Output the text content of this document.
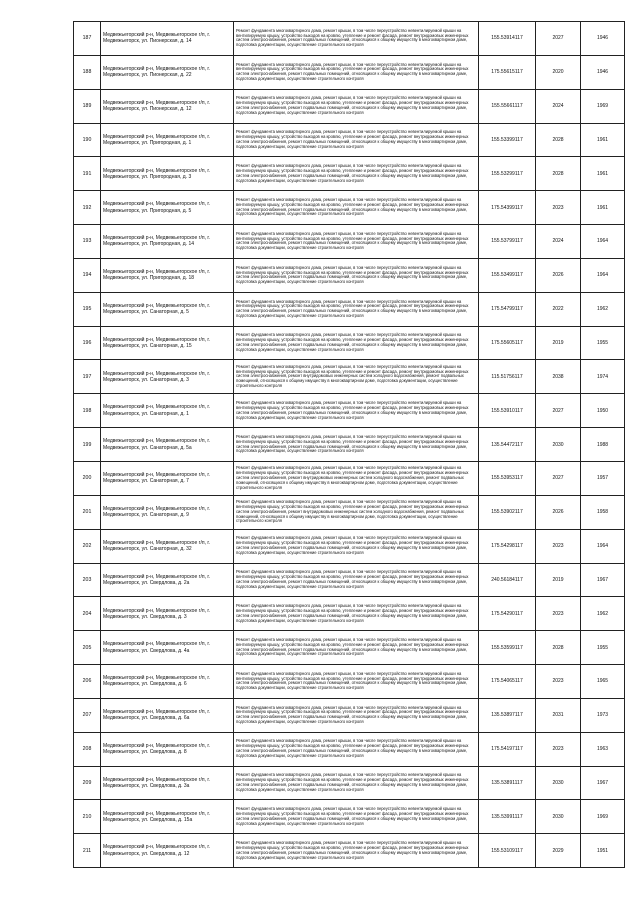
187	Медвежьегорский р-н, Медвежьегорское г/п, г. Медвежьегорск, ул. Пионерская, д. 14	Ремонт фундамента многоквартирного дома, ремонт крыши, в том числе переустройство невентилируемой крыши на вентилируемую крышу, устройство выходов на кровлю, утепление и ремонт фасада, ремонт внутридомовых инженерных систем электроснабжения, ремонт подвальных помещений, относящихся к общему имуществу в многоквартирном доме, подготовка документации, осуществление строительного контроля	155.53914117	2027	1946
188	Медвежьегорский р-н, Медвежьегорское г/п, г. Медвежьегорск, ул. Пионерская, д. 22	Ремонт фундамента многоквартирного дома, ремонт крыши, в том числе переустройство невентилируемой крыши на вентилируемую крышу, устройство выходов на кровлю, утепление и ремонт фасада, ремонт внутридомовых инженерных систем электроснабжения, ремонт подвальных помещений, относящихся к общему имуществу в многоквартирном доме, подготовка документации, осуществление строительного контроля	175.55615117	2020	1946
189	Медвежьегорский р-н, Медвежьегорское г/п, г. Медвежьегорск, ул. Пионерская, д. 12	Ремонт фундамента многоквартирного дома, ремонт крыши, в том числе переустройство невентилируемой крыши на вентилируемую крышу, устройство выходов на кровлю, утепление и ремонт фасада, ремонт внутридомовых инженерных систем электроснабжения, ремонт подвальных помещений, относящихся к общему имуществу в многоквартирном доме, подготовка документации, осуществление строительного контроля	155.55661117	2024	1969
190	Медвежьегорский р-н, Медвежьегорское г/п, г. Медвежьегорск, ул. Пригородная, д. 1	Ремонт фундамента многоквартирного дома, ремонт крыши, в том числе переустройство невентилируемой крыши на вентилируемую крышу, устройство выходов на кровлю, утепление и ремонт фасада, ремонт внутридомовых инженерных систем электроснабжения, ремонт подвальных помещений, относящихся к общему имуществу в многоквартирном доме, подготовка документации, осуществление строительного контроля	155.53399117	2028	1961
191	Медвежьегорский р-н, Медвежьегорское г/п, г. Медвежьегорск, ул. Пригородная, д. 3	Ремонт фундамента многоквартирного дома, ремонт крыши, в том числе переустройство невентилируемой крыши на вентилируемую крышу, устройство выходов на кровлю, утепление и ремонт фасада, ремонт внутридомовых инженерных систем электроснабжения, ремонт подвальных помещений, относящихся к общему имуществу в многоквартирном доме, подготовка документации, осуществление строительного контроля	155.53299117	2028	1961
192	Медвежьегорский р-н, Медвежьегорское г/п, г. Медвежьегорск, ул. Пригородная, д. 5	Ремонт фундамента многоквартирного дома, ремонт крыши, в том числе переустройство невентилируемой крыши на вентилируемую крышу, устройство выходов на кровлю, утепление и ремонт фасада, ремонт внутридомовых инженерных систем электроснабжения, ремонт подвальных помещений, относящихся к общему имуществу в многоквартирном доме, подготовка документации, осуществление строительного контроля	175.54399117	2023	1961
193	Медвежьегорский р-н, Медвежьегорское г/п, г. Медвежьегорск, ул. Пригородная, д. 14	Ремонт фундамента многоквартирного дома, ремонт крыши, в том числе переустройство невентилируемой крыши на вентилируемую крышу, устройство выходов на кровлю, утепление и ремонт фасада, ремонт внутридомовых инженерных систем электроснабжения, ремонт подвальных помещений, относящихся к общему имуществу в многоквартирном доме, подготовка документации, осуществление строительного контроля	155.53799117	2024	1964
194	Медвежьегорский р-н, Медвежьегорское г/п, г. Медвежьегорск, ул. Пригородная, д. 18	Ремонт фундамента многоквартирного дома, ремонт крыши, в том числе переустройство невентилируемой крыши на вентилируемую крышу, устройство выходов на кровлю, утепление и ремонт фасада, ремонт внутридомовых инженерных систем электроснабжения, ремонт подвальных помещений, относящихся к общему имуществу в многоквартирном доме, подготовка документации, осуществление строительного контроля	155.53499117	2026	1964
195	Медвежьегорский р-н, Медвежьегорское г/п, г. Медвежьегорск, ул. Санаторная, д. 5	Ремонт фундамента многоквартирного дома, ремонт крыши, в том числе переустройство невентилируемой крыши на вентилируемую крышу, устройство выходов на кровлю, утепление и ремонт фасада, ремонт внутридомовых инженерных систем электроснабжения, ремонт подвальных помещений, относящихся к общему имуществу в многоквартирном доме, подготовка документации, осуществление строительного контроля	175.54799117	2022	1962
196	Медвежьегорский р-н, Медвежьегорское г/п, г. Медвежьегорск, ул. Санаторная, д. 15	Ремонт фундамента многоквартирного дома, ремонт крыши, в том числе переустройство невентилируемой крыши на вентилируемую крышу, устройство выходов на кровлю, утепление и ремонт фасада, ремонт внутридомовых инженерных систем электроснабжения, ремонт подвальных помещений, относящихся к общему имуществу в многоквартирном доме, подготовка документации, осуществление строительного контроля	175.55605117	2019	1955
197	Медвежьегорский р-н, Медвежьегорское г/п, г. Медвежьегорск, ул. Санаторная, д. 3	Ремонт фундамента многоквартирного дома, ремонт крыши, в том числе переустройство невентилируемой крыши на вентилируемую крышу, устройство выходов на кровлю, утепление и ремонт фасада, ремонт внутридомовых инженерных систем электроснабжения, ремонт внутридомовых инженерных систем холодного водоснабжения, ремонт подвальных помещений, относящихся к общему имуществу в многоквартирном доме, подготовка документации, осуществление строительного контроля	115.51756117	2038	1974
198	Медвежьегорский р-н, Медвежьегорское г/п, г. Медвежьегорск, ул. Санаторная, д. 1	Ремонт фундамента многоквартирного дома, ремонт крыши, в том числе переустройство невентилируемой крыши на вентилируемую крышу, устройство выходов на кровлю, утепление и ремонт фасада, ремонт внутридомовых инженерных систем электроснабжения, ремонт подвальных помещений, относящихся к общему имуществу в многоквартирном доме, подготовка документации, осуществление строительного контроля	155.53910117	2027	1950
199	Медвежьегорский р-н, Медвежьегорское г/п, г. Медвежьегорск, ул. Санаторная, д. 5а	Ремонт фундамента многоквартирного дома, ремонт крыши, в том числе переустройство невентилируемой крыши на вентилируемую крышу, устройство выходов на кровлю, утепление и ремонт фасада, ремонт внутридомовых инженерных систем электроснабжения, ремонт подвальных помещений, относящихся к общему имуществу в многоквартирном доме, подготовка документации, осуществление строительного контроля	135.54472117	2030	1988
200	Медвежьегорский р-н, Медвежьегорское г/п, г. Медвежьегорск, ул. Санаторная, д. 7	Ремонт фундамента многоквартирного дома, ремонт крыши, в том числе переустройство невентилируемой крыши на вентилируемую крышу, устройство выходов на кровлю, утепление и ремонт фасада, ремонт внутридомовых инженерных систем электроснабжения, ремонт внутридомовых инженерных систем холодного водоснабжения, ремонт подвальных помещений, относящихся к общему имуществу в многоквартирном доме, подготовка документации, осуществление строительного контроля	155.53953117	2027	1957
201	Медвежьегорский р-н, Медвежьегорское г/п, г. Медвежьегорск, ул. Санаторная, д. 9	Ремонт фундамента многоквартирного дома, ремонт крыши, в том числе переустройство невентилируемой крыши на вентилируемую крышу, устройство выходов на кровлю, утепление и ремонт фасада, ремонт внутридомовых инженерных систем электроснабжения, ремонт внутридомовых инженерных систем холодного водоснабжения, ремонт подвальных помещений, относящихся к общему имуществу в многоквартирном доме, подготовка документации, осуществление строительного контроля	155.53902117	2026	1958
202	Медвежьегорский р-н, Медвежьегорское г/п, г. Медвежьегорск, ул. Санаторная, д. 32	Ремонт фундамента многоквартирного дома, ремонт крыши, в том числе переустройство невентилируемой крыши на вентилируемую крышу, устройство выходов на кровлю, утепление и ремонт фасада, ремонт внутридомовых инженерных систем электроснабжения, ремонт подвальных помещений, относящихся к общему имуществу в многоквартирном доме, подготовка документации, осуществление строительного контроля	175.54298117	2023	1964
203	Медвежьегорский р-н, Медвежьегорское г/п, г. Медвежьегорск, ул. Свердлова, д. 2а	Ремонт фундамента многоквартирного дома, ремонт крыши, в том числе переустройство невентилируемой крыши на вентилируемую крышу, устройство выходов на кровлю, утепление и ремонт фасада, ремонт внутридомовых инженерных систем электроснабжения, ремонт подвальных помещений, относящихся к общему имуществу в многоквартирном доме, подготовка документации, осуществление строительного контроля	240.56184117	2019	1967
204	Медвежьегорский р-н, Медвежьегорское г/п, г. Медвежьегорск, ул. Свердлова, д. 3	Ремонт фундамента многоквартирного дома, ремонт крыши, в том числе переустройство невентилируемой крыши на вентилируемую крышу, устройство выходов на кровлю, утепление и ремонт фасада, ремонт внутридомовых инженерных систем электроснабжения, ремонт подвальных помещений, относящихся к общему имуществу в многоквартирном доме, подготовка документации, осуществление строительного контроля	175.54290117	2023	1962
205	Медвежьегорский р-н, Медвежьегорское г/п, г. Медвежьегорск, ул. Свердлова, д. 4а	Ремонт фундамента многоквартирного дома, ремонт крыши, в том числе переустройство невентилируемой крыши на вентилируемую крышу, устройство выходов на кровлю, утепление и ремонт фасада, ремонт внутридомовых инженерных систем электроснабжения, ремонт подвальных помещений, относящихся к общему имуществу в многоквартирном доме, подготовка документации, осуществление строительного контроля	155.53599117	2028	1955
206	Медвежьегорский р-н, Медвежьегорское г/п, г. Медвежьегорск, ул. Свердлова, д. 6	Ремонт фундамента многоквартирного дома, ремонт крыши, в том числе переустройство невентилируемой крыши на вентилируемую крышу, устройство выходов на кровлю, утепление и ремонт фасада, ремонт внутридомовых инженерных систем электроснабжения, ремонт подвальных помещений, относящихся к общему имуществу в многоквартирном доме, подготовка документации, осуществление строительного контроля	175.54065117	2023	1965
207	Медвежьегорский р-н, Медвежьегорское г/п, г. Медвежьегорск, ул. Свердлова, д. 6а	Ремонт фундамента многоквартирного дома, ремонт крыши, в том числе переустройство невентилируемой крыши на вентилируемую крышу, устройство выходов на кровлю, утепление и ремонт фасада, ремонт внутридомовых инженерных систем электроснабжения, ремонт подвальных помещений, относящихся к общему имуществу в многоквартирном доме, подготовка документации, осуществление строительного контроля	135.53897117	2031	1973
208	Медвежьегорский р-н, Медвежьегорское г/п, г. Медвежьегорск, ул. Свердлова, д. 8	Ремонт фундамента многоквартирного дома, ремонт крыши, в том числе переустройство невентилируемой крыши на вентилируемую крышу, устройство выходов на кровлю, утепление и ремонт фасада, ремонт внутридомовых инженерных систем электроснабжения, ремонт подвальных помещений, относящихся к общему имуществу в многоквартирном доме, подготовка документации, осуществление строительного контроля	175.54197117	2023	1963
209	Медвежьегорский р-н, Медвежьегорское г/п, г. Медвежьегорск, ул. Свердлова, д. 3а	Ремонт фундамента многоквартирного дома, ремонт крыши, в том числе переустройство невентилируемой крыши на вентилируемую крышу, устройство выходов на кровлю, утепление и ремонт фасада, ремонт внутридомовых инженерных систем электроснабжения, ремонт подвальных помещений, относящихся к общему имуществу в многоквартирном доме, подготовка документации, осуществление строительного контроля	135.53891117	2030	1967
210	Медвежьегорский р-н, Медвежьегорское г/п, г. Медвежьегорск, ул. Свердлова, д. 15а	Ремонт фундамента многоквартирного дома, ремонт крыши, в том числе переустройство невентилируемой крыши на вентилируемую крышу, устройство выходов на кровлю, утепление и ремонт фасада, ремонт внутридомовых инженерных систем электроснабжения, ремонт подвальных помещений, относящихся к общему имуществу в многоквартирном доме, подготовка документации, осуществление строительного контроля	135.53991117	2030	1969
211	Медвежьегорский р-н, Медвежьегорское г/п, г. Медвежьегорск, ул. Свердлова, д. 12	Ремонт фундамента многоквартирного дома, ремонт крыши, в том числе переустройство невентилируемой крыши на вентилируемую крышу, устройство выходов на кровлю, утепление и ремонт фасада, ремонт внутридомовых инженерных систем электроснабжения, ремонт подвальных помещений, относящихся к общему имуществу в многоквартирном доме, подготовка документации, осуществление строительного контроля	155.53109117	2029	1951
